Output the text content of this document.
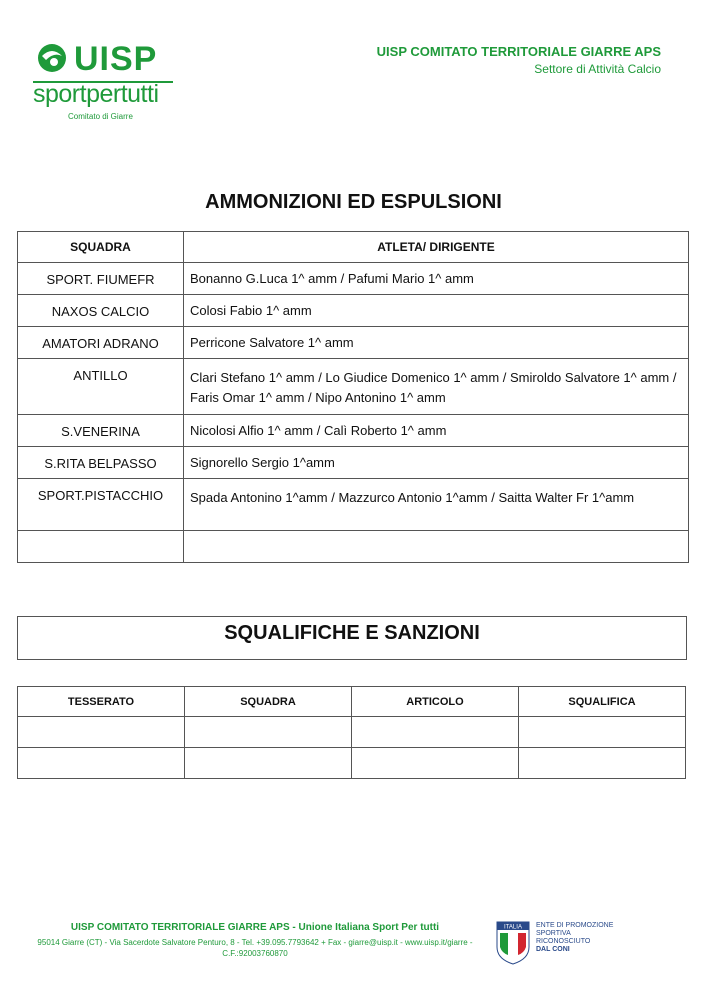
UISP
sportpertutti
Comitato di Giarre
UISP COMITATO TERRITORIALE GIARRE APS
Settore di Attività Calcio
AMMONIZIONI ED ESPULSIONI
SQUADRA	ATLETA/ DIRIGENTE
SPORT. FIUMEFR	Bonanno G.Luca 1^ amm / Pafumi Mario 1^ amm
NAXOS CALCIO	Colosi Fabio 1^ amm
AMATORI ADRANO	Perricone Salvatore 1^ amm
ANTILLO	Clari Stefano 1^ amm / Lo Giudice Domenico 1^ amm / Smiroldo Salvatore 1^ amm / Faris Omar 1^ amm / Nipo Antonino 1^ amm
S.VENERINA	Nicolosi Alfio 1^ amm / Calì Roberto 1^ amm
S.RITA BELPASSO	Signorello Sergio 1^amm
SPORT.PISTACCHIO	Spada Antonino 1^amm / Mazzurco Antonio 1^amm / Saitta Walter Fr 1^amm

SQUALIFICHE E SANZIONI
TESSERATO	SQUADRA	ARTICOLO	SQUALIFICA

UISP COMITATO TERRITORIALE GIARRE APS - Unione Italiana Sport Per tutti
95014 Giarre (CT) - Via Sacerdote Salvatore Penturo, 8 - Tel. +39.095.7793642 + Fax - giarre@uisp.it - www.uisp.it/giarre -
C.F.:92003760870
ITALIA ENTE DI PROMOZIONE
SPORTIVA
RICONOSCIUTO
DAL CONI
